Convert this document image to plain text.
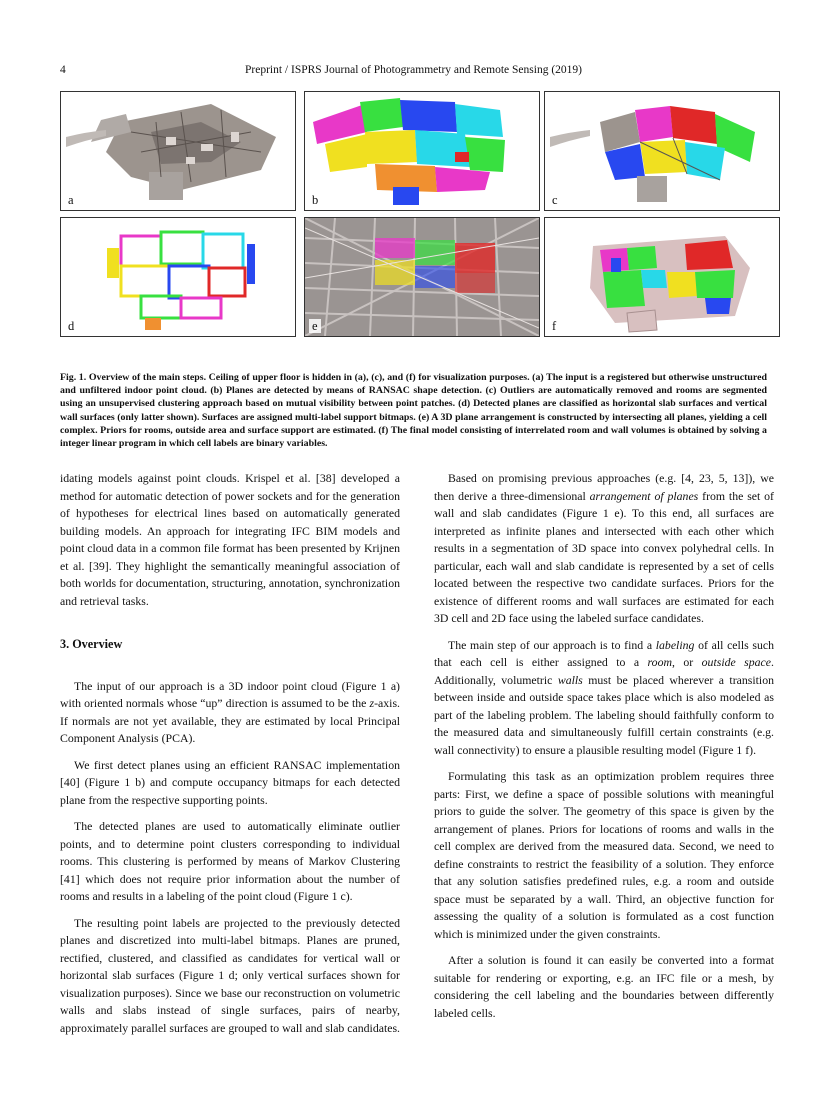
4	Preprint / ISPRS Journal of Photogrammetry and Remote Sensing (2019)
a	b	c
d	e	f
Fig. 1. Overview of the main steps. Ceiling of upper floor is hidden in (a), (c), and (f) for visualization purposes. (a) The input is a registered but otherwise unstructured and unfiltered indoor point cloud. (b) Planes are detected by means of RANSAC shape detection. (c) Outliers are automatically removed and rooms are segmented using an unsupervised clustering approach based on mutual visibility between point patches. (d) Detected planes are classified as horizontal slab surfaces and vertical wall surfaces (only latter shown). Surfaces are assigned multi-label support bitmaps. (e) A 3D plane arrangement is constructed by intersecting all planes, yielding a cell complex. Priors for rooms, outside area and surface support are estimated. (f) The final model consisting of interrelated room and wall volumes is obtained by solving a integer linear program in which cell labels are binary variables.

idating models against point clouds. Krispel et al. [38] developed a method for automatic detection of power sockets and for the generation of hypotheses for electrical lines based on automatically generated building models. An approach for integrating IFC BIM models and point cloud data in a common file format has been presented by Krijnen et al. [39]. They highlight the semantically meaningful association of both worlds for documentation, structuring, annotation, synchronization and retrieval tasks.

3. Overview

The input of our approach is a 3D indoor point cloud (Figure 1 a) with oriented normals whose “up” direction is assumed to be the z-axis. If normals are not yet available, they are estimated by local Principal Component Analysis (PCA).

We first detect planes using an efficient RANSAC implementation [40] (Figure 1 b) and compute occupancy bitmaps for each detected plane from the respective supporting points.

The detected planes are used to automatically eliminate outlier points, and to determine point clusters corresponding to individual rooms. This clustering is performed by means of Markov Clustering [41] which does not require prior information about the number of rooms and results in a labeling of the point cloud (Figure 1 c).

The resulting point labels are projected to the previously detected planes and discretized into multi-label bitmaps. Planes are pruned, rectified, clustered, and classified as candidates for vertical wall or horizontal slab surfaces (Figure 1 d; only vertical surfaces shown for visualization purposes). Since we base our reconstruction on volumetric walls and slabs instead of single surfaces, pairs of nearby, approximately parallel surfaces are grouped to wall and slab candidates.

Based on promising previous approaches (e.g. [4, 23, 5, 13]), we then derive a three-dimensional arrangement of planes from the set of wall and slab candidates (Figure 1 e). To this end, all surfaces are interpreted as infinite planes and intersected with each other which results in a segmentation of 3D space into convex polyhedral cells. In particular, each wall and slab candidate is represented by a set of cells located between the respective two candidate surfaces. Priors for the existence of different rooms and wall surfaces are estimated for each 3D cell and 2D face using the labeled surface candidates.

The main step of our approach is to find a labeling of all cells such that each cell is either assigned to a room, or outside space. Additionally, volumetric walls must be placed wherever a transition between inside and outside space takes place which is also modeled as part of the labeling problem. The labeling should faithfully conform to the measured data and simultaneously fulfill certain constraints (e.g. wall connectivity) to ensure a plausible resulting model (Figure 1 f).

Formulating this task as an optimization problem requires three parts: First, we define a space of possible solutions with meaningful priors to guide the solver. The geometry of this space is given by the arrangement of planes. Priors for locations of rooms and walls in the cell complex are derived from the measured data. Second, we need to define constraints to restrict the feasibility of a solution. They enforce that any solution satisfies predefined rules, e.g. a room and outside space must be separated by a wall. Third, an objective function for assessing the quality of a solution is formulated as a cost function which is minimized under the given constraints.

After a solution is found it can easily be converted into a format suitable for rendering or exporting, e.g. an IFC file or a mesh, by considering the cell labeling and the boundaries between differently labeled cells.
